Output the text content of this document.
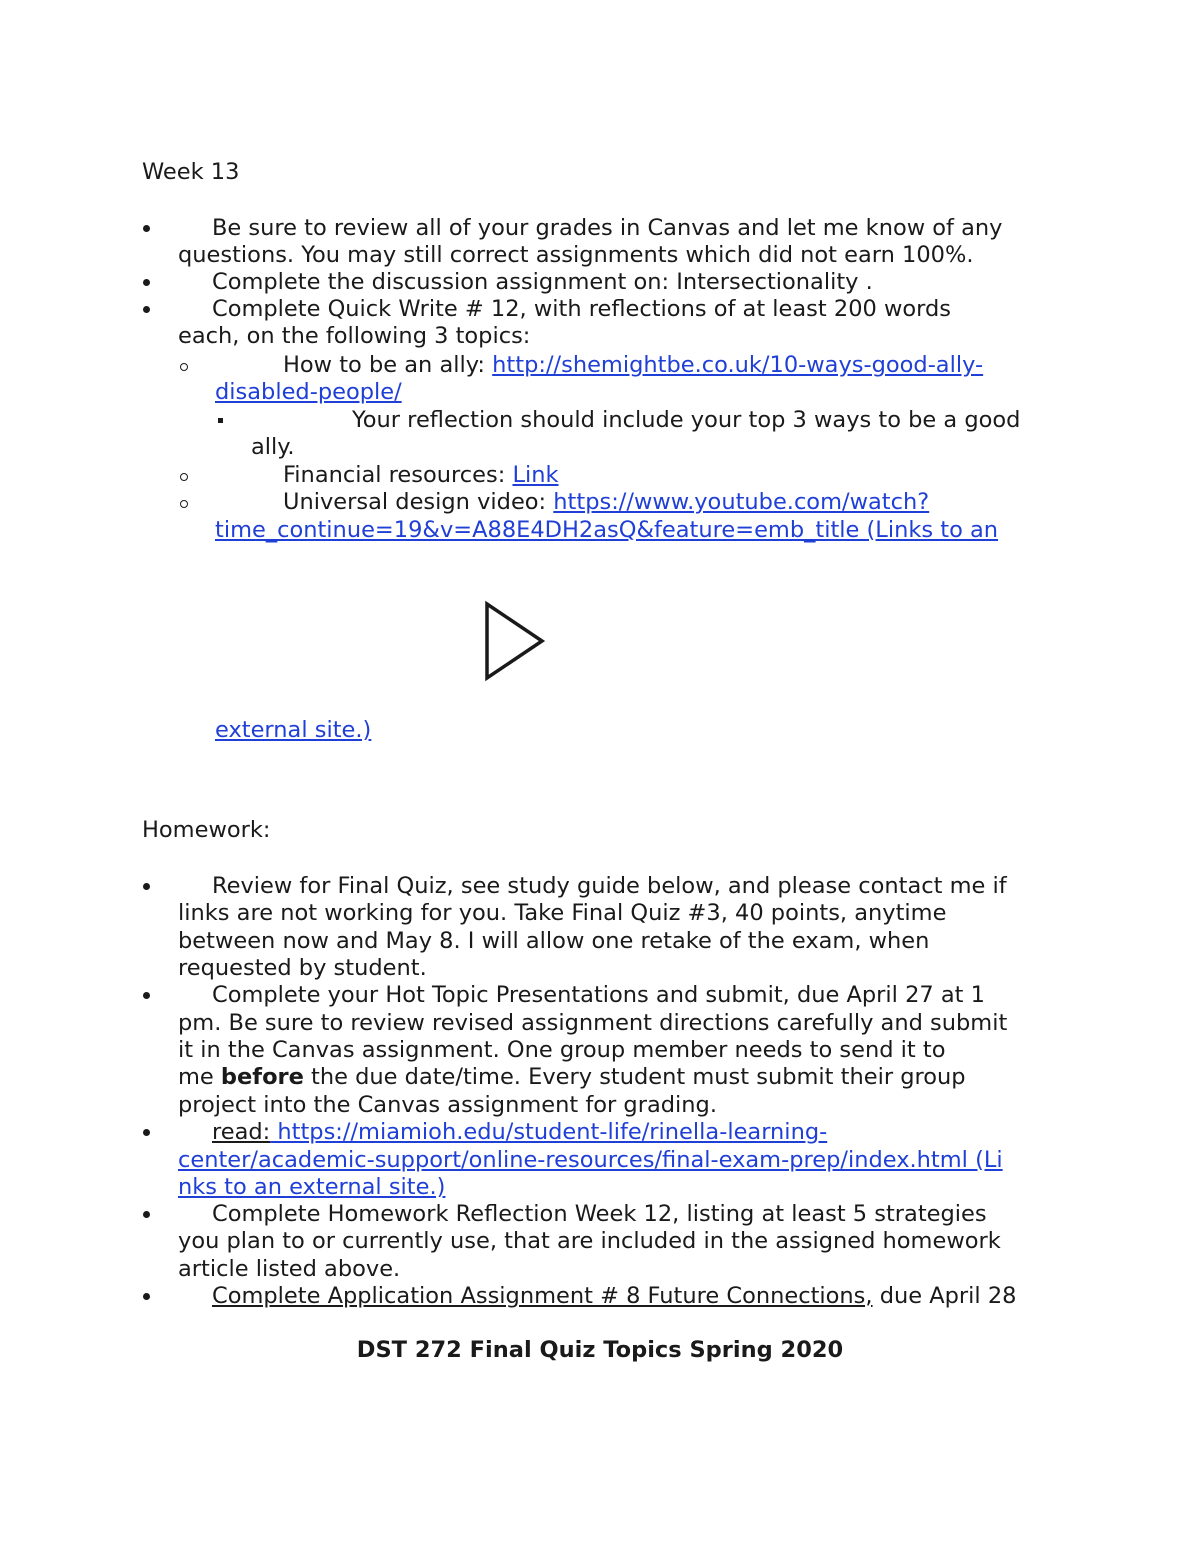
Week 13
Be sure to review all of your grades in Canvas and let me know of any
questions. You may still correct assignments which did not earn 100%.
Complete the discussion assignment on: Intersectionality .
Complete Quick Write # 12, with reflections of at least 200 words
each, on the following 3 topics:
How to be an ally: http://shemightbe.co.uk/10-ways-good-ally-
disabled-people/
Your reflection should include your top 3 ways to be a good
ally.
Financial resources: Link
Universal design video: https://www.youtube.com/watch?
time_continue=19&v=A88E4DH2asQ&feature=emb_title (Links to an
external site.)
Homework:
Review for Final Quiz, see study guide below, and please contact me if
links are not working for you. Take Final Quiz #3, 40 points, anytime
between now and May 8. I will allow one retake of the exam, when
requested by student.
Complete your Hot Topic Presentations and submit, due April 27 at 1
pm. Be sure to review revised assignment directions carefully and submit
it in the Canvas assignment. One group member needs to send it to
me before the due date/time. Every student must submit their group
project into the Canvas assignment for grading.
read: https://miamioh.edu/student-life/rinella-learning-
center/academic-support/online-resources/final-exam-prep/index.html (Li
nks to an external site.)
Complete Homework Reflection Week 12, listing at least 5 strategies
you plan to or currently use, that are included in the assigned homework
article listed above.
Complete Application Assignment # 8 Future Connections, due April 28
DST 272 Final Quiz Topics Spring 2020
